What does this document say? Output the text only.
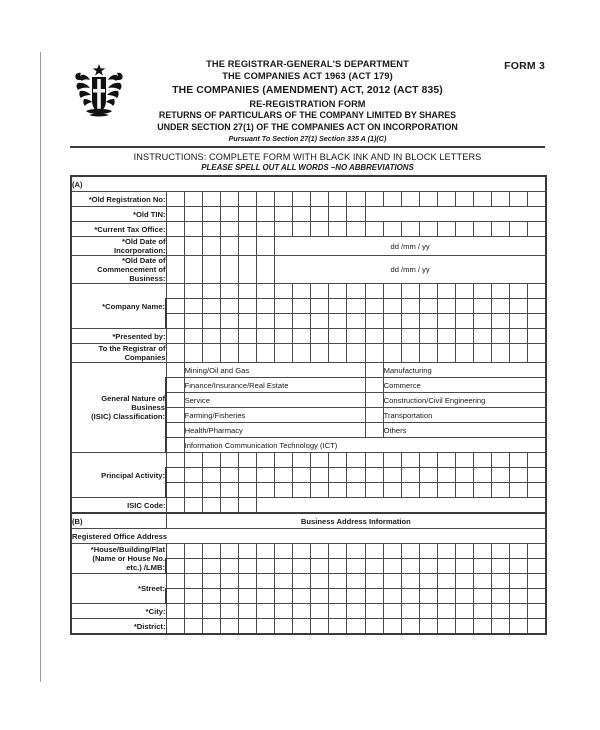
THE REGISTRAR-GENERAL'S DEPARTMENT
THE COMPANIES ACT 1963 (ACT 179)
THE COMPANIES (AMENDMENT) ACT, 2012 (ACT 835)
RE-REGISTRATION FORM
RETURNS OF PARTICULARS OF THE COMPANY LIMITED BY SHARES
UNDER SECTION 27(1) OF THE COMPANIES ACT ON INCORPORATION
Pursuant To Section 27(1) Section 335 A (1)(C)
FORM 3
INSTRUCTIONS: COMPLETE FORM WITH BLACK INK AND IN BLOCK LETTERS
PLEASE SPELL OUT ALL WORDS –NO ABBREVIATIONS
(A)																					
*Old Registration No:																					
*Old TIN:																					
*Current Tax Office:																					
*Old Date of Incorporation:							dd /mm / yy														
*Old Date of Commencement of Business:							dd /mm / yy														
*Company Name:																					

*Presented by:																					
To the Registrar of Companies																					
General Nature of
Business
(ISIC) Classification:		Mining/Oil and Gas											Manufacturing								
		Finance/Insurance/Real Estate											Commerce								
		Service											Construction/Civil Engineering								
		Farming/Fisheries											Transportation								
		Health/Pharmacy											Others								
		Information Communication Technology (ICT)																			
Principal Activity:																					

ISIC Code:																					
(B)	Business Address Information																				
Registered Office Address																					
*House/Building/Flat
(Name or House No.
etc.) /LMB:																					

*Street:																					

*City:																					
*District:																					
